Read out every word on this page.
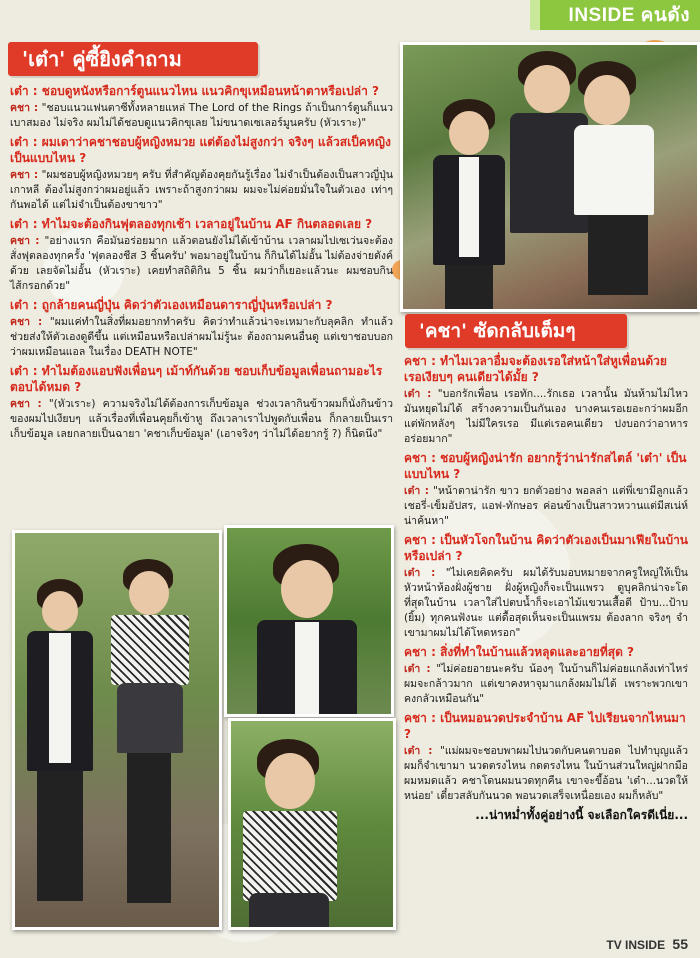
INSIDE คนดัง
'เต๋า' คู่ซี้ยิงคำถาม
เต๋า : ชอบดูหนังหรือการ์ตูนแนวไหน แนวคิกขุเหมือนหน้าตาหรือเปล่า ?
คชา : "ชอบแนวแฟนตาซีทั้งหลายแหล่ The Lord of the Rings ถ้าเป็นการ์ตูนก็แนวเบาสมอง ไม่จริง ผมไม่ได้ชอบดูแนวคิกขุเลย ไม่ขนาดเซเลอร์มูนครับ (หัวเราะ)"
เต๋า : ผมเดาว่าคชาชอบผู้หญิงหมวย แต่ต้องไม่สูงกว่า จริงๆ แล้วสเป็คหญิงเป็นแบบไหน ?
คชา : "ผมชอบผู้หญิงหมวยๆ ครับ ที่สำคัญต้องคุยกันรู้เรื่อง ไม่จำเป็นต้องเป็นสาวญี่ปุ่น เกาหลี ต้องไม่สูงกว่าผมอยู่แล้ว เพราะถ้าสูงกว่าผม ผมจะไม่ค่อยมั่นใจในตัวเอง เท่าๆ กันพอได้ แต่ไม่จำเป็นต้องขาขาว"
เต๋า : ทำไมจะต้องกินฟุตลองทุกเช้า เวลาอยู่ในบ้าน AF กินตลอดเลย ?
คชา : "อย่างแรก คือมันอร่อยมาก แล้วตอนยังไม่ได้เข้าบ้าน เวลาผมไปเซเว่นจะต้องสั่งฟุตลองทุกครั้ง 'ฟุตลองชีส 3 ชิ้นครับ' พอมาอยู่ในบ้าน ก็กินได้ไม่อั้น ไม่ต้องจ่ายตังค์ด้วย เลยจัดไม่อั้น (หัวเราะ) เคยทำสถิติกิน 5 ชิ้น ผมว่าก็เยอะแล้วนะ ผมชอบกินไส้กรอกด้วย"
เต๋า : ถูกล้ายคนญี่ปุ่น คิดว่าตัวเองเหมือนดาราญี่ปุ่นหรือเปล่า ?
คชา : "ผมแค่ทำในสิ่งที่ผมอยากทำครับ คิดว่าทำแล้วน่าจะเหมาะกับลุคลิก ทำแล้วช่วยส่งให้ตัวเองดูดีขึ้น แต่เหมือนหรือเปล่าผมไม่รู้นะ ต้องถามคนอื่นดู แต่เขาชอบบอกว่าผมเหมือนแอล ในเรื่อง DEATH NOTE"
เต๋า : ทำไมต้องแอบฟังเพื่อนๆ เม้าท์กันด้วย ชอบเก็บข้อมูลเพื่อนถามอะไรตอบได้หมด ?
คชา : "(หัวเราะ) ความจริงไม่ได้ต้องการเก็บข้อมูล ช่วงเวลากินข้าวผมก็นั่งกินข้าวของผมไปเงียบๆ แล้วเรื่องที่เพื่อนคุยก็เข้าหู ถึงเวลาเราไปพูดกับเพื่อน ก็กลายเป็นเราเก็บข้อมูล เลยกลายเป็นฉายา 'คชาเก็บข้อมูล' (เอาจริงๆ ว่าไม่ได้อยากรู้ ?) ก็นิดนึง"
'คชา' ซัดกลับเต็มๆ
คชา : ทำไมเวลาอื่มจะต้องเรอใส่หน้าใส่หูเพื่อนด้วย เรอเงียบๆ คนเดียวได้มั้ย ?
เต๋า : "บอกรักเพื่อน เรอทัก....รักเธอ เวลานั้น มันห้ามไม่ไหว มันหยุดไม่ได้ สร้างความเป็นกันเอง บางคนเรอเยอะกว่าผมอีก แต่พักหลังๆ ไม่มีใครเรอ มีแต่เรอคนเดียว ปงบอกว่าอาหารอร่อยมาก"
คชา : ชอบผู้หญิงน่ารัก อยากรู้ว่าน่ารักสไตล์ 'เต๋า' เป็นแบบไหน ?
เต๋า : "หน้าตาน่ารัก ขาว ยกตัวอย่าง พอลล่า แต่พี่เขามีลูกแล้ว เชอรี่-เข็มอัปสร, แอฟ-ทักษอร ค่อนข้างเป็นสาวหวานแต่มีสเน่ห์น่าค้นหา"
คชา : เป็นหัวโจกในบ้าน คิดว่าตัวเองเป็นมาเฟียในบ้านหรือเปล่า ?
เต๋า : "ไม่เคยคิดครับ ผมได้รับมอบหมายจากครูใหญ่ให้เป็นหัวหน้าห้องฝั่งผู้ชาย ฝั่งผู้หญิงก็จะเป็นแพรว ดูบุคลิกน่าจะโตที่สุดในบ้าน เวลาใส่ไปตบน้ำก็จะเอาไม้แขวนเสื้อตี ป้าบ...ป้าบ (ยิ้ม) ทุกคนฟังนะ แต่ดื้อสุดเห็นจะเป็นแพรม ต้องลาก จริงๆ จำเขามาผมไม่ได้โหดหรอก"
คชา : สิ่งที่ทำในบ้านแล้วหลุดและอายที่สุด ?
เต๋า : "ไม่ค่อยอายนะครับ น้องๆ ในบ้านก็ไม่ค่อยแกล้งเท่าไหร่ ผมจะกล้าวมาก แต่เขาคงหาจุมาแกล้งผมไม่ได้ เพราะพวกเขาคงกลัวเหมือนกัน"
คชา : เป็นหมอนวดประจำบ้าน AF ไปเรียนจากไหนมา ?
เต๋า : "แม่ผมจะชอบพาผมไปนวดกับคนตาบอด ไปทำบุญแล้วผมก็จำเขามา นวดตรงไหน กดตรงไหน ในบ้านส่วนใหญ่ฝากมือผมหมดแล้ว คชาโดนผมนวดทุกคืน เขาจะขี้อ้อน 'เต๋า...นวดให้หน่อย' เดี๋ยวสลับกันนวด พอนวดเสร็จเหนื่อยเอง ผมก็หลับ"
...น่าหม่ำทั้งคู่อย่างนี้ จะเลือกใครดีเนี่ย...
TV INSIDE 55
